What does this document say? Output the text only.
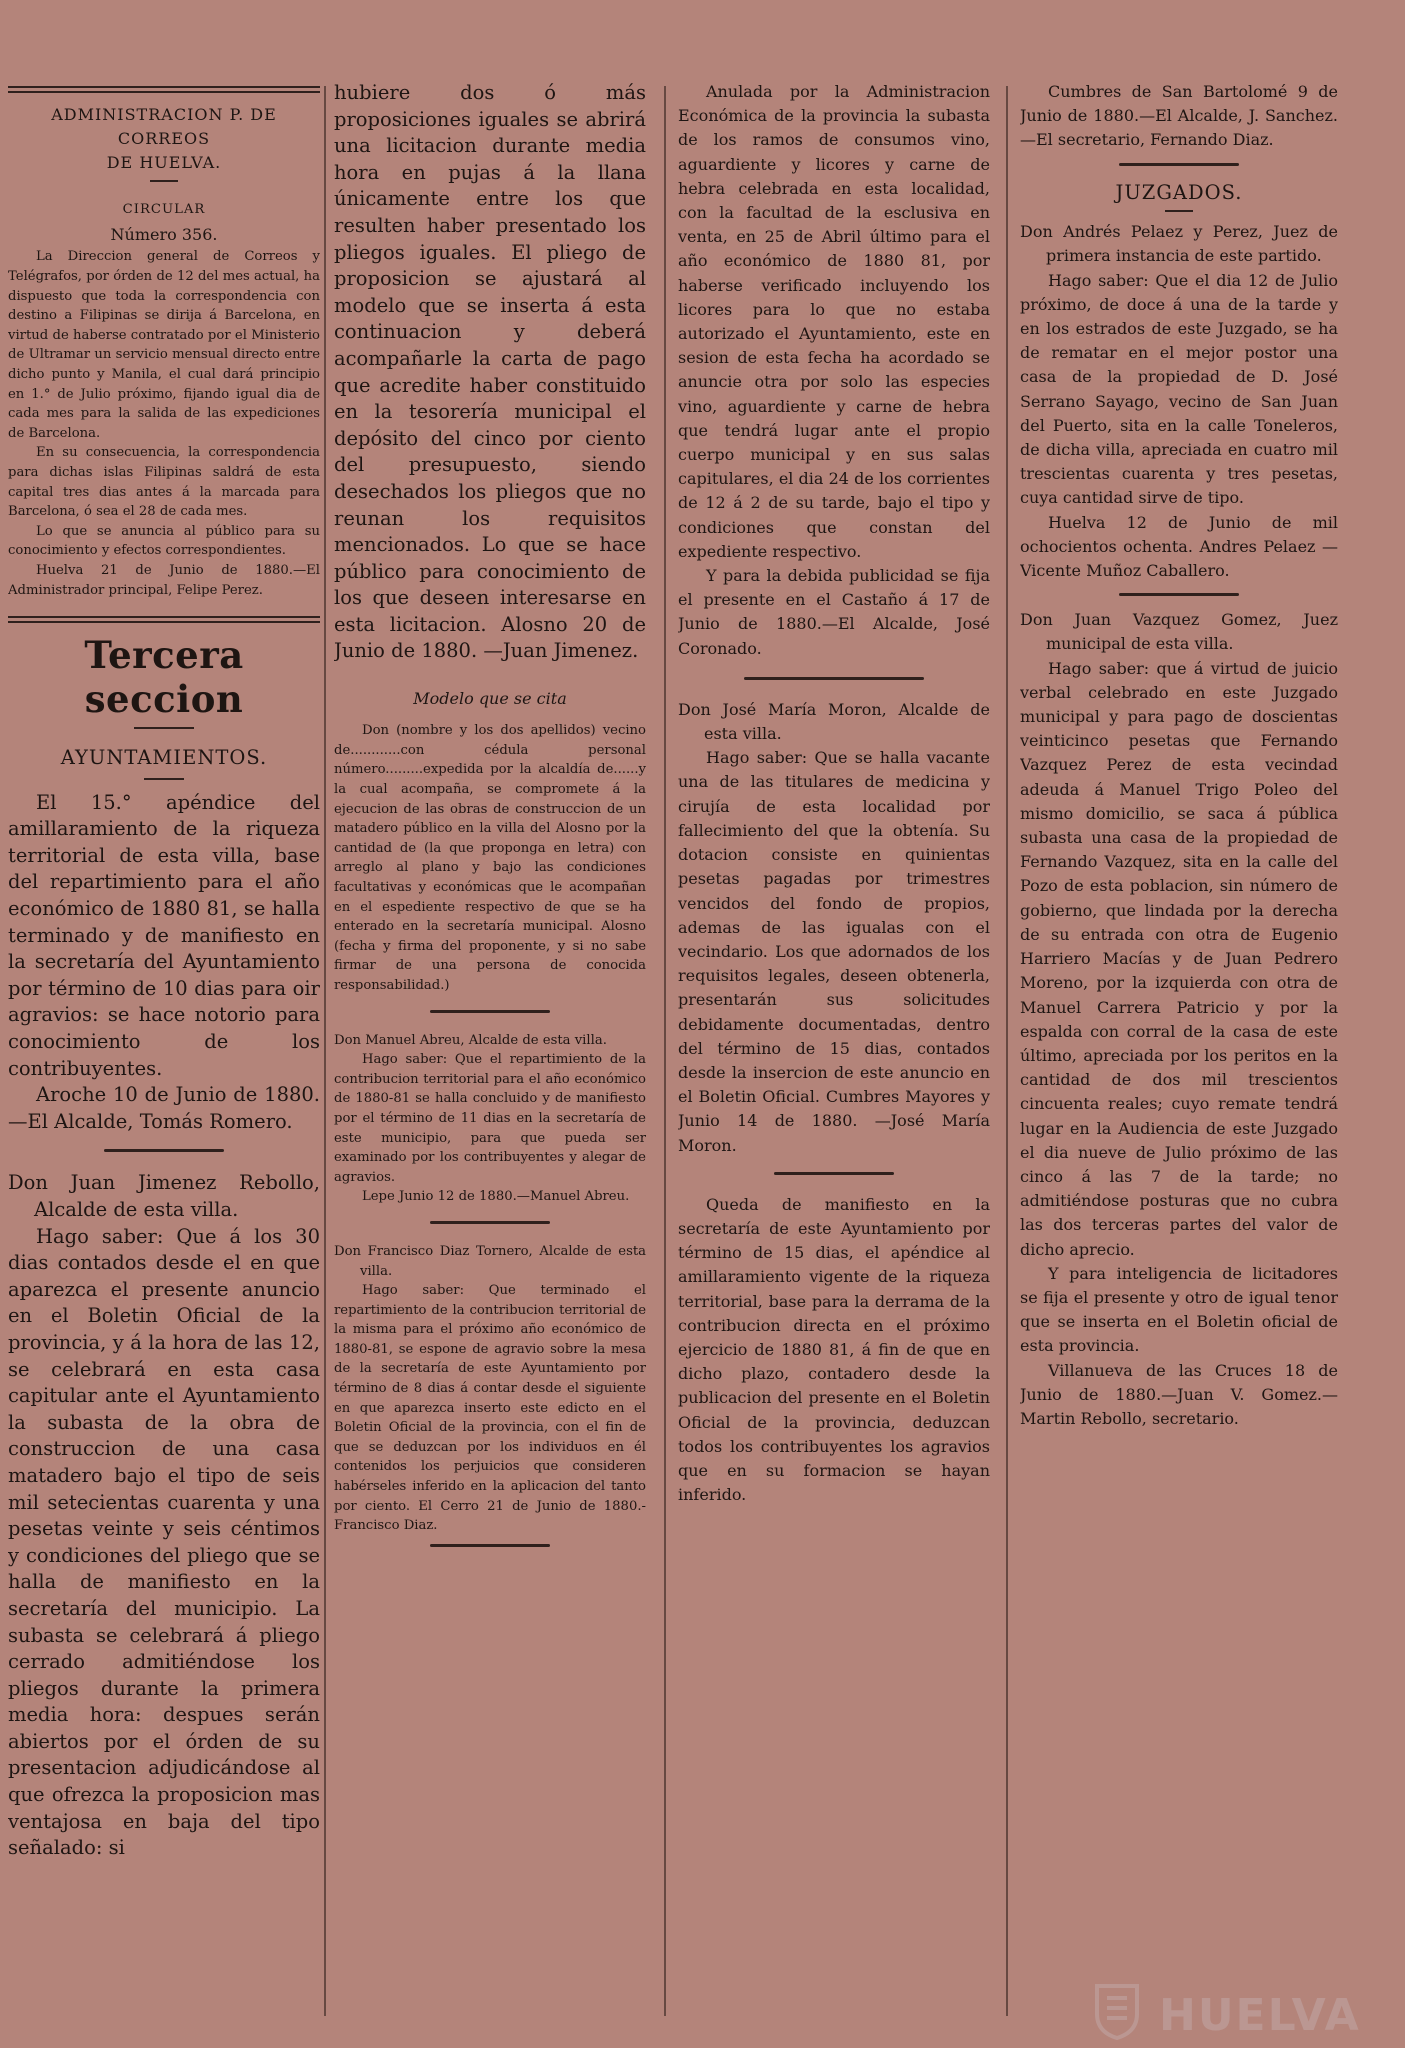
ADMINISTRACION P. DE CORREOS

DE HUELVA.

CIRCULAR

Número 356.

La Direccion general de Correos y Telégrafos, por órden de 12 del mes actual, ha dispuesto que toda la correspondencia con destino a Filipinas se dirija á Barcelona, en virtud de haberse contratado por el Ministerio de Ultramar un servicio mensual directo entre dicho punto y Manila, el cual dará principio en 1.° de Julio próximo, fijando igual dia de cada mes para la salida de las expediciones de Barcelona.

En su consecuencia, la correspondencia para dichas islas Filipinas saldrá de esta capital tres dias antes á la marcada para Barcelona, ó sea el 28 de cada mes.

Lo que se anuncia al público para su conocimiento y efectos correspondientes.

Huelva 21 de Junio de 1880.—El Administrador principal, Felipe Perez.

Tercera seccion

AYUNTAMIENTOS.

El 15.° apéndice del amillaramiento de la riqueza territorial de esta villa, base del repartimiento para el año económico de 1880 81, se halla terminado y de manifiesto en la secretaría del Ayuntamiento por término de 10 dias para oir agravios: se hace notorio para conocimiento de los contribuyentes.

Aroche 10 de Junio de 1880.—El Alcalde, Tomás Romero.

Don Juan Jimenez Rebollo, Alcalde de esta villa.

Hago saber: Que á los 30 dias contados desde el en que aparezca el presente anuncio en el Boletin Oficial de la provincia, y á la hora de las 12, se celebrará en esta casa capitular ante el Ayuntamiento la subasta de la obra de construccion de una casa matadero bajo el tipo de seis mil setecientas cuarenta y una pesetas veinte y seis céntimos y condiciones del pliego que se halla de manifiesto en la secretaría del municipio. La subasta se celebrará á pliego cerrado admitiéndose los pliegos durante la primera media hora: despues serán abiertos por el órden de su presentacion adjudicándose al que ofrezca la proposicion mas ventajosa en baja del tipo señalado: si

hubiere dos ó más proposiciones iguales se abrirá una licitacion durante media hora en pujas á la llana únicamente entre los que resulten haber presentado los pliegos iguales. El pliego de proposicion se ajustará al modelo que se inserta á esta continuacion y deberá acompañarle la carta de pago que acredite haber constituido en la tesorería municipal el depósito del cinco por ciento del presupuesto, siendo desechados los pliegos que no reunan los requisitos mencionados. Lo que se hace público para conocimiento de los que deseen interesarse en esta licitacion. Alosno 20 de Junio de 1880. —Juan Jimenez.

Modelo que se cita

Don (nombre y los dos apellidos) vecino de............con cédula personal número.........expedida por la alcaldía de......y la cual acompaña, se compromete á la ejecucion de las obras de construccion de un matadero público en la villa del Alosno por la cantidad de (la que proponga en letra) con arreglo al plano y bajo las condiciones facultativas y económicas que le acompañan en el espediente respectivo de que se ha enterado en la secretaría municipal. Alosno (fecha y firma del proponente, y si no sabe firmar de una persona de conocida responsabilidad.)

Don Manuel Abreu, Alcalde de esta villa.

Hago saber: Que el repartimiento de la contribucion territorial para el año económico de 1880-81 se halla concluido y de manifiesto por el término de 11 dias en la secretaría de este municipio, para que pueda ser examinado por los contribuyentes y alegar de agravios.

Lepe Junio 12 de 1880.—Manuel Abreu.

Don Francisco Diaz Tornero, Alcalde de esta villa.

Hago saber: Que terminado el repartimiento de la contribucion territorial de la misma para el próximo año económico de 1880-81, se espone de agravio sobre la mesa de la secretaría de este Ayuntamiento por término de 8 dias á contar desde el siguiente en que aparezca inserto este edicto en el Boletin Oficial de la provincia, con el fin de que se deduzcan por los individuos en él contenidos los perjuicios que consideren habérseles inferido en la aplicacion del tanto por ciento. El Cerro 21 de Junio de 1880.-Francisco Diaz.

Anulada por la Administracion Económica de la provincia la subasta de los ramos de consumos vino, aguardiente y licores y carne de hebra celebrada en esta localidad, con la facultad de la esclusiva en venta, en 25 de Abril último para el año económico de 1880 81, por haberse verificado incluyendo los licores para lo que no estaba autorizado el Ayuntamiento, este en sesion de esta fecha ha acordado se anuncie otra por solo las especies vino, aguardiente y carne de hebra que tendrá lugar ante el propio cuerpo municipal y en sus salas capitulares, el dia 24 de los corrientes de 12 á 2 de su tarde, bajo el tipo y condiciones que constan del expediente respectivo.

Y para la debida publicidad se fija el presente en el Castaño á 17 de Junio de 1880.—El Alcalde, José Coronado.

Don José María Moron, Alcalde de esta villa.

Hago saber: Que se halla vacante una de las titulares de medicina y cirujía de esta localidad por fallecimiento del que la obtenía. Su dotacion consiste en quinientas pesetas pagadas por trimestres vencidos del fondo de propios, ademas de las igualas con el vecindario. Los que adornados de los requisitos legales, deseen obtenerla, presentarán sus solicitudes debidamente documentadas, dentro del término de 15 dias, contados desde la insercion de este anuncio en el Boletin Oficial. Cumbres Mayores y Junio 14 de 1880. —José María Moron.

Queda de manifiesto en la secretaría de este Ayuntamiento por término de 15 dias, el apéndice al amillaramiento vigente de la riqueza territorial, base para la derrama de la contribucion directa en el próximo ejercicio de 1880 81, á fin de que en dicho plazo, contadero desde la publicacion del presente en el Boletin Oficial de la provincia, deduzcan todos los contribuyentes los agravios que en su formacion se hayan inferido.

Cumbres de San Bartolomé 9 de Junio de 1880.—El Alcalde, J. Sanchez.—El secretario, Fernando Diaz.

JUZGADOS.

Don Andrés Pelaez y Perez, Juez de primera instancia de este partido.

Hago saber: Que el dia 12 de Julio próximo, de doce á una de la tarde y en los estrados de este Juzgado, se ha de rematar en el mejor postor una casa de la propiedad de D. José Serrano Sayago, vecino de San Juan del Puerto, sita en la calle Toneleros, de dicha villa, apreciada en cuatro mil trescientas cuarenta y tres pesetas, cuya cantidad sirve de tipo.

Huelva 12 de Junio de mil ochocientos ochenta. Andres Pelaez —Vicente Muñoz Caballero.

Don Juan Vazquez Gomez, Juez municipal de esta villa.

Hago saber: que á virtud de juicio verbal celebrado en este Juzgado municipal y para pago de doscientas veinticinco pesetas que Fernando Vazquez Perez de esta vecindad adeuda á Manuel Trigo Poleo del mismo domicilio, se saca á pública subasta una casa de la propiedad de Fernando Vazquez, sita en la calle del Pozo de esta poblacion, sin número de gobierno, que lindada por la derecha de su entrada con otra de Eugenio Harriero Macías y de Juan Pedrero Moreno, por la izquierda con otra de Manuel Carrera Patricio y por la espalda con corral de la casa de este último, apreciada por los peritos en la cantidad de dos mil trescientos cincuenta reales; cuyo remate tendrá lugar en la Audiencia de este Juzgado el dia nueve de Julio próximo de las cinco á las 7 de la tarde; no admitiéndose posturas que no cubra las dos terceras partes del valor de dicho aprecio.

Y para inteligencia de licitadores se fija el presente y otro de igual tenor que se inserta en el Boletin oficial de esta provincia.

Villanueva de las Cruces 18 de Junio de 1880.—Juan V. Gomez.—Martin Rebollo, secretario.

HUELVA
